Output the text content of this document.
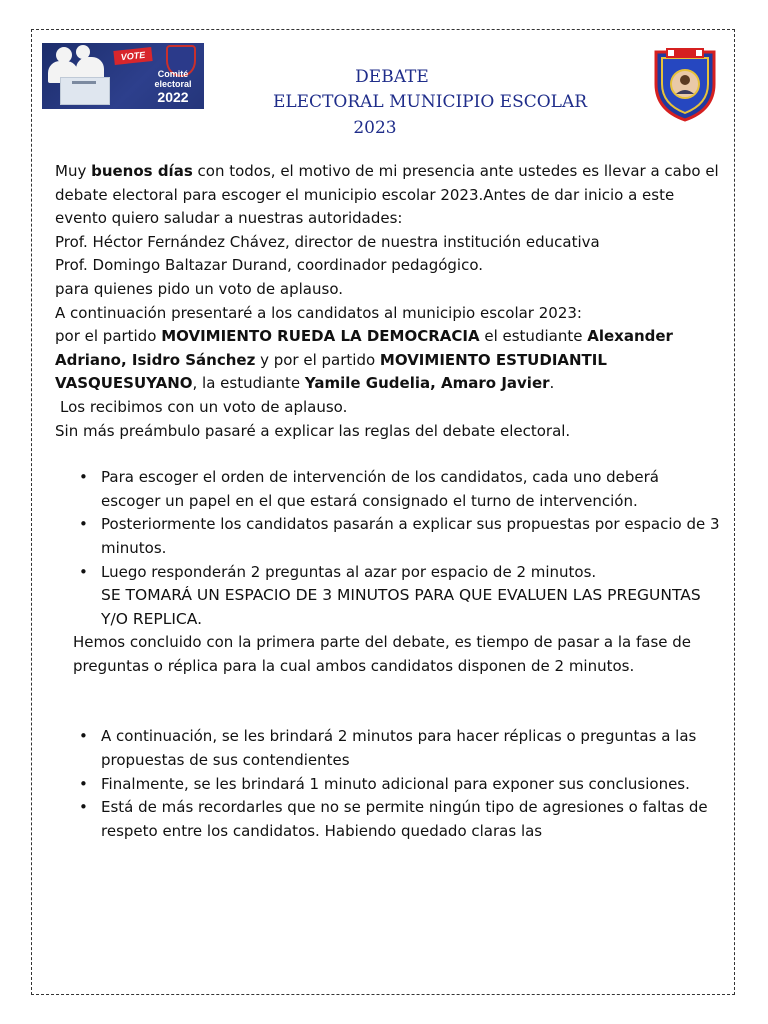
VOTE
Comité electoral
2022
DEBATE
ELECTORAL MUNICIPIO ESCOLAR
2023

Muy buenos días con todos, el motivo de mi presencia ante ustedes es llevar a cabo el debate electoral para escoger el municipio escolar 2023.Antes de dar inicio a este evento quiero saludar a nuestras autoridades:

Prof. Héctor Fernández Chávez, director de nuestra institución educativa

Prof. Domingo Baltazar Durand, coordinador pedagógico.

para quienes pido un voto de aplauso.

A continuación presentaré a los candidatos al municipio escolar 2023:

por el partido MOVIMIENTO RUEDA LA DEMOCRACIA el estudiante Alexander Adriano, Isidro Sánchez y por el partido MOVIMIENTO ESTUDIANTIL VASQUESUYANO, la estudiante Yamile Gudelia, Amaro Javier.

Los recibimos con un voto de aplauso.

Sin más preámbulo pasaré a explicar las reglas del debate electoral.

• Para escoger el orden de intervención de los candidatos, cada uno deberá escoger un papel en el que estará consignado el turno de intervención.
• Posteriormente los candidatos pasarán a explicar sus propuestas por espacio de 3 minutos.
• Luego responderán 2 preguntas al azar por espacio de 2 minutos.

SE TOMARÁ UN ESPACIO DE 3 MINUTOS PARA QUE EVALUEN LAS PREGUNTAS Y/O REPLICA.

Hemos concluido con la primera parte del debate, es tiempo de pasar a la fase de preguntas o réplica para la cual ambos candidatos disponen de 2 minutos.

• A continuación, se les brindará 2 minutos para hacer réplicas o preguntas a las propuestas de sus contendientes
• Finalmente, se les brindará 1 minuto adicional para exponer sus conclusiones.
• Está de más recordarles que no se permite ningún tipo de agresiones o faltas de respeto entre los candidatos. Habiendo quedado claras las
